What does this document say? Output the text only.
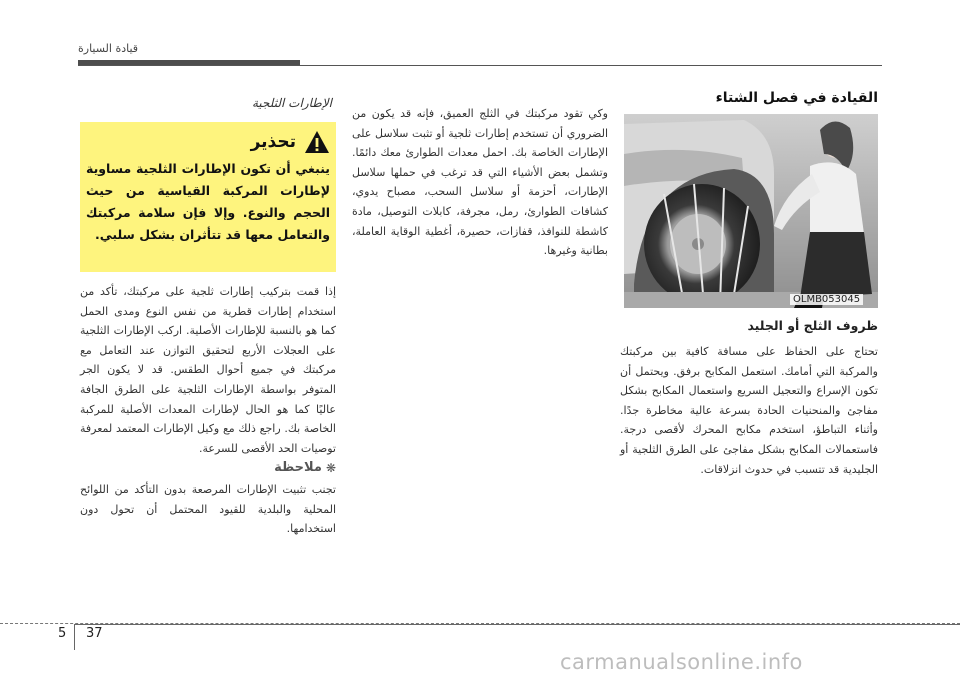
قيادة السيارة
الإطارات الثلجية
تحذير
ينبغي أن تكون الإطارات الثلجية مساوية لإطارات المركبة القياسية من حيث الحجم والنوع. وإلا فإن سلامة مركبتك والتعامل معها قد تتأثران بشكل سلبي.
إذا قمت بتركيب إطارات ثلجية على مركبتك، تأكد من استخدام إطارات قطرية من نفس النوع ومدى الحمل كما هو بالنسبة للإطارات الأصلية. اركب الإطارات الثلجية على العجلات الأربع لتحقيق التوازن عند التعامل مع مركبتك في جميع أحوال الطقس. قد لا يكون الجر المتوفر بواسطة الإطارات الثلجية على الطرق الجافة عاليًا كما هو الحال لإطارات المعدات الأصلية للمركبة الخاصة بك. راجع ذلك مع وكيل الإطارات المعتمد لمعرفة توصيات الحد الأقصى للسرعة.
ملاحظة ❋
تجنب تثبيت الإطارات المرصعة بدون التأكد من اللوائح المحلية والبلدية للقيود المحتمل أن تحول دون استخدامها.
وكي تقود مركبتك في الثلج العميق، فإنه قد يكون من الضروري أن تستخدم إطارات ثلجية أو تثبت سلاسل على الإطارات الخاصة بك. احمل معدات الطوارئ معك دائمًا. وتشمل بعض الأشياء التي قد ترغب في حملها سلاسل الإطارات، أحزمة أو سلاسل السحب، مصباح يدوي، كشافات الطوارئ، رمل، مجرفة، كابلات التوصيل، مادة كاشطة للنوافذ، قفازات، حصيرة، أغطية الوقاية العاملة، بطانية وغيرها.
القيادة في فصل الشتاء
OLMB053045
ظروف الثلج أو الجليد
تحتاج على الحفاظ على مسافة كافية بين مركبتك والمركبة التي أمامك. استعمل المكابح برفق. ويحتمل أن تكون الإسراع والتعجيل السريع واستعمال المكابح بشكل مفاجئ والمنحنيات الحادة بسرعة عالية مخاطرة جدًا. وأثناء التباطؤ، استخدم مكابح المحرك لأقصى درجة. فاستعمالات المكابح بشكل مفاجئ على الطرق الثلجية أو الجليدية قد تتسبب في حدوث انزلاقات.
37
5
carmanualsonline.info
